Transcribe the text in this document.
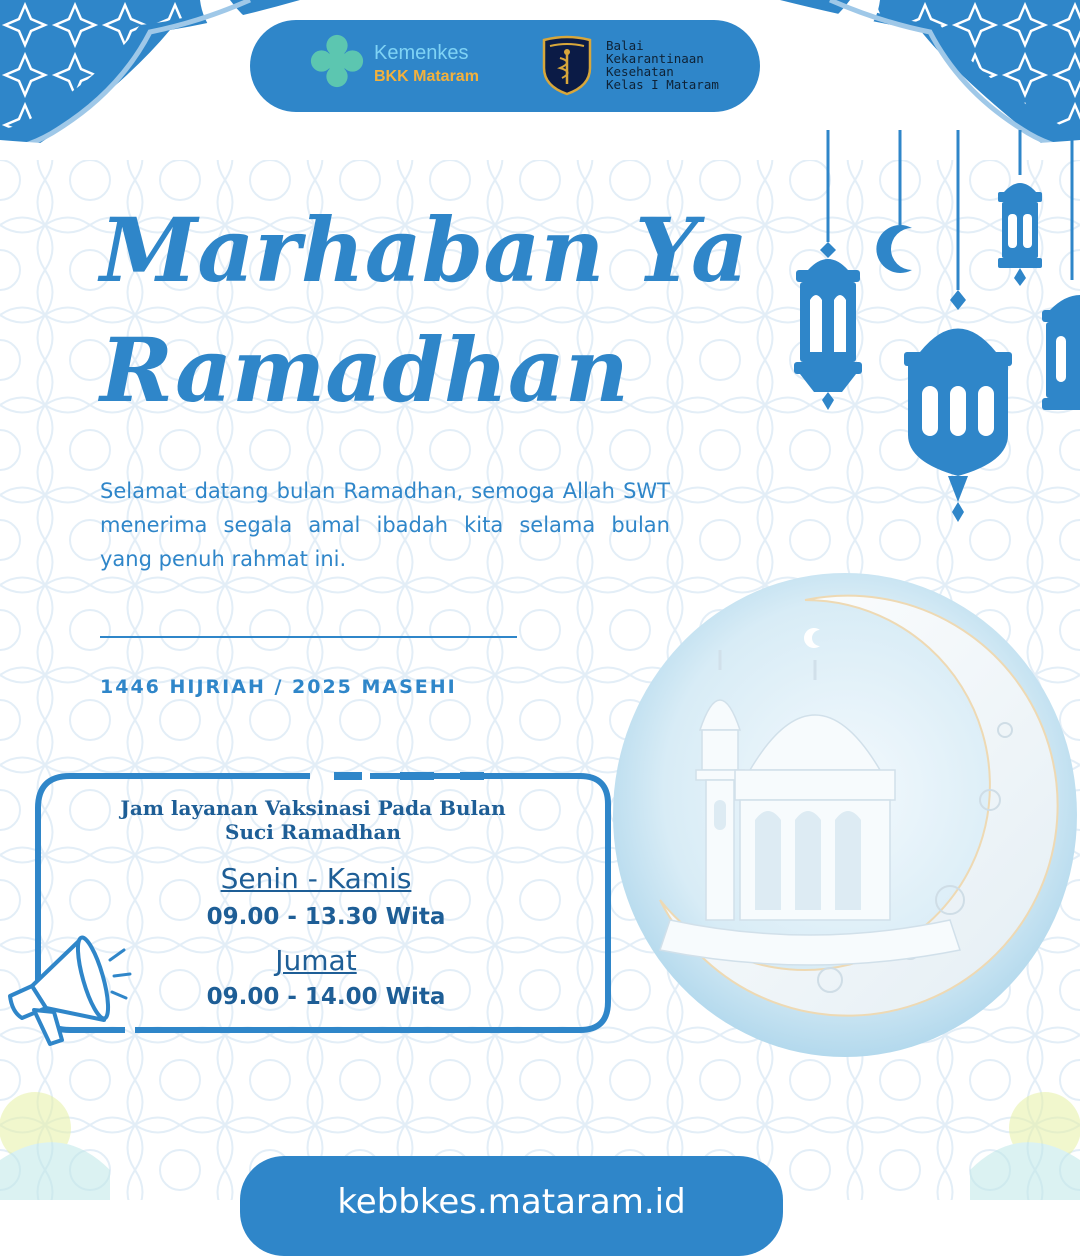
Kemenkes
BKK Mataram
Balai
Kekarantinaan
Kesehatan
Kelas I Mataram
Marhaban Ya
Ramadhan
Selamat datang bulan Ramadhan, semoga Allah SWT menerima segala amal ibadah kita selama bulan yang penuh rahmat ini.
1446 HIJRIAH / 2025 MASEHI
Jam layanan Vaksinasi Pada Bulan
Suci Ramadhan
Senin - Kamis
09.00 - 13.30 Wita
Jumat
09.00 - 14.00 Wita
kebbkes.mataram.id
